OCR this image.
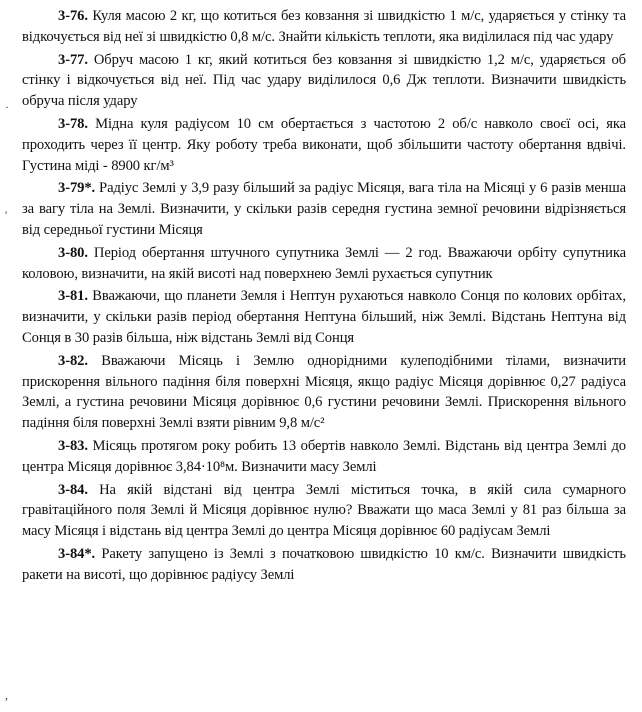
·
'
,

3-76. Куля масою 2 кг, що котиться без ковзання зі швидкістю 1 м/с, ударяється у стінку та відкочується від неї зі швидкістю 0,8 м/с. Знайти кількість теплоти, яка виділилася під час удару

3-77. Обруч масою 1 кг, який котиться без ковзання зі швидкістю 1,2 м/с, ударяється об стінку і відкочується від неї. Під час удару виділилося 0,6 Дж теплоти. Визначити швидкість обруча після удару

3-78. Мідна куля радіусом 10 см обертається з частотою 2 об/с навколо своєї осі, яка проходить через її центр. Яку роботу треба виконати, щоб збільшити частоту обертання вдвічі. Густина міді - 8900 кг/м³

3-79*. Радіус Землі у 3,9 разу більший за радіус Місяця, вага тіла на Місяці у 6 разів менша за вагу тіла на Землі. Визначити, у скільки разів середня густина земної речовини відрізняється від середньої густини Місяця

3-80. Період обертання штучного супутника Землі — 2 год. Вважаючи орбіту супутника коловою, визначити, на якій висоті над поверхнею Землі рухається супутник

3-81. Вважаючи, що планети Земля і Нептун рухаються навколо Сонця по колових орбітах, визначити, у скільки разів період обертання Нептуна більший, ніж Землі. Відстань Нептуна від Сонця в 30 разів більша, ніж відстань Землі від Сонця

3-82. Вважаючи Місяць і Землю однорідними кулеподібними тілами, визначити прискорення вільного падіння біля поверхні Місяця, якщо радіус Місяця дорівнює 0,27 радіуса Землі, а густина речовини Місяця дорівнює 0,6 густини речовини Землі. Прискорення вільного падіння біля поверхні Землі взяти рівним 9,8 м/с²

3-83. Місяць протягом року робить 13 обертів навколо Землі. Відстань від центра Землі до центра Місяця дорівнює 3,84·10⁸м. Визначити масу Землі

3-84. На якій відстані від центра Землі міститься точка, в якій сила сумарного гравітаційного поля Землі й Місяця дорівнює нулю? Вважати що маса Землі у 81 раз більша за масу Місяця і відстань від центра Землі до центра Місяця дорівнює 60 радіусам Землі

3-84*. Ракету запущено із Землі з початковою швидкістю 10 км/с. Визначити швидкість ракети на висоті, що дорівнює радіусу Землі
